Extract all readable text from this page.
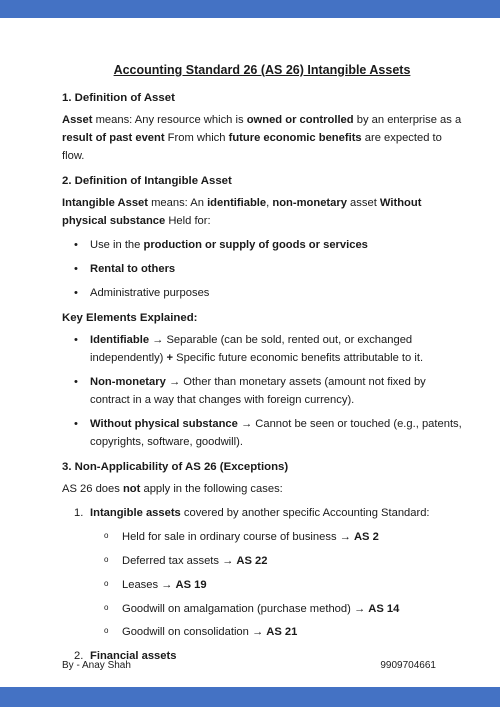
Accounting Standard 26 (AS 26) Intangible Assets
1. Definition of Asset

Asset means: Any resource which is owned or controlled by an enterprise as a result of past event From which future economic benefits are expected to flow.

2. Definition of Intangible Asset

Intangible Asset means: An identifiable, non-monetary asset Without physical substance Held for:

• Use in the production or supply of goods or services
• Rental to others
• Administrative purposes
Key Elements Explained:
• Identifiable → Separable (can be sold, rented out, or exchanged independently) + Specific future economic benefits attributable to it.
• Non-monetary → Other than monetary assets (amount not fixed by contract in a way that changes with foreign currency).
• Without physical substance → Cannot be seen or touched (e.g., patents, copyrights, software, goodwill).
3. Non-Applicability of AS 26 (Exceptions)

AS 26 does not apply in the following cases:

1. Intangible assets covered by another specific Accounting Standard:
o Held for sale in ordinary course of business → AS 2
o Deferred tax assets → AS 22
o Leases → AS 19
o Goodwill on amalgamation (purchase method) → AS 14
o Goodwill on consolidation → AS 21
2. Financial assets
By - Anay Shah	9909704661
